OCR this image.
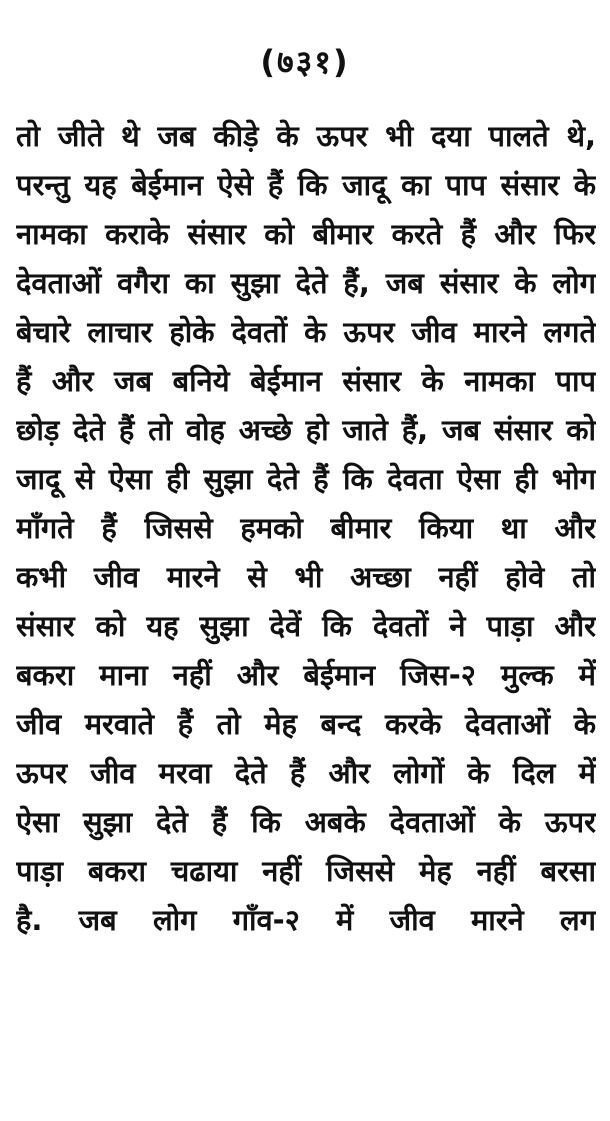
(७३१)

तो जीते थे जब कीड़े के ऊपर भी दया पालते थे,
परन्तु यह बेईमान ऐसे हैं कि जादू का पाप संसार के
नामका कराके संसार को बीमार करते हैं और फिर
देवताओं वगैरा का सुझा देते हैं, जब संसार के लोग
बेचारे लाचार होके देवतों के ऊपर जीव मारने लगते
हैं और जब बनिये बेईमान संसार के नामका पाप
छोड़ देते हैं तो वोह अच्छे हो जाते हैं, जब संसार को
जादू से ऐसा ही सुझा देते हैं कि देवता ऐसा ही भोग
माँगते हैं जिससे हमको बीमार किया था और
कभी जीव मारने से भी अच्छा नहीं होवे तो
संसार को यह सुझा देवें कि देवतों ने पाड़ा और
बकरा माना नहीं और बेईमान जिस-२ मुल्क में
जीव मरवाते हैं तो मेह बन्द करके देवताओं के
ऊपर जीव मरवा देते हैं और लोगों के दिल में
ऐसा सुझा देते हैं कि अबके देवताओं के ऊपर
पाड़ा बकरा चढाया नहीं जिससे मेह नहीं बरसा
है. जब लोग गाँव-२ में जीव मारने लग
